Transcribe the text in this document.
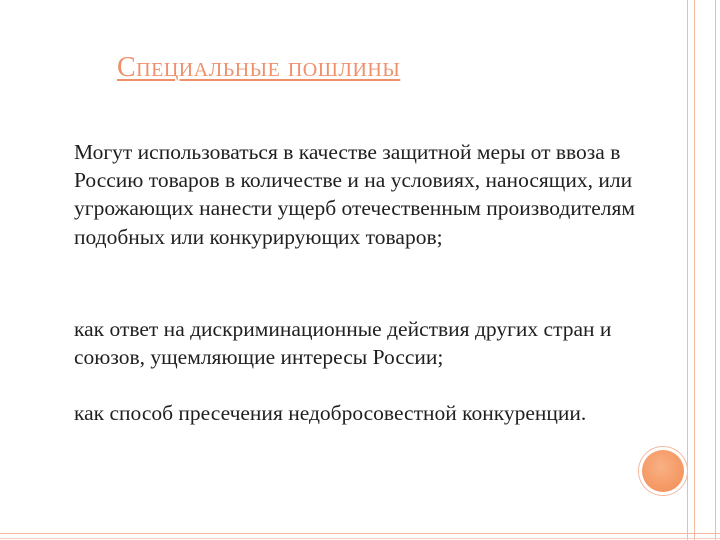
Специальные пошлины

Могут использоваться в качестве защитной меры от ввоза в Россию товаров в количестве и на условиях, наносящих, или угрожающих нанести ущерб отечественным производителям подобных или конкурирующих товаров;

как ответ на дискриминационные действия других стран и союзов, ущемляющие интересы России;

как способ пресечения недобросовестной конкуренции.
